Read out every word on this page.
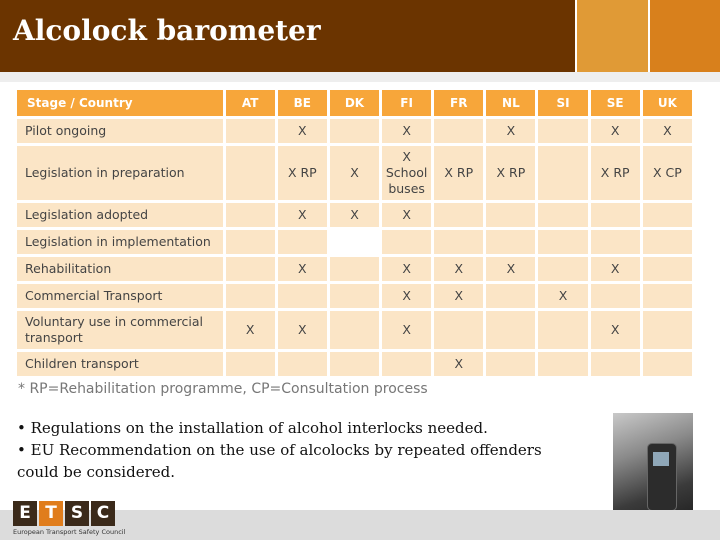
Alcolock barometer
Stage / Country	AT	BE	DK	FI	FR	NL	SI	SE	UK
Pilot ongoing		X		X		X		X	X
Legislation in preparation		X RP	X	X School buses	X RP	X RP		X RP	X CP
Legislation adopted		X	X	X					
Legislation in implementation									
Rehabilitation		X		X	X	X		X	
Commercial Transport				X	X		X		
Voluntary use in commercial transport	X	X		X				X	
Children transport					X				
* RP=Rehabilitation programme, CP=Consultation process
• Regulations on the installation of alcohol interlocks needed.
• EU Recommendation on the use of alcolocks by repeated offenders could be considered.
E T S C
European Transport Safety Council
